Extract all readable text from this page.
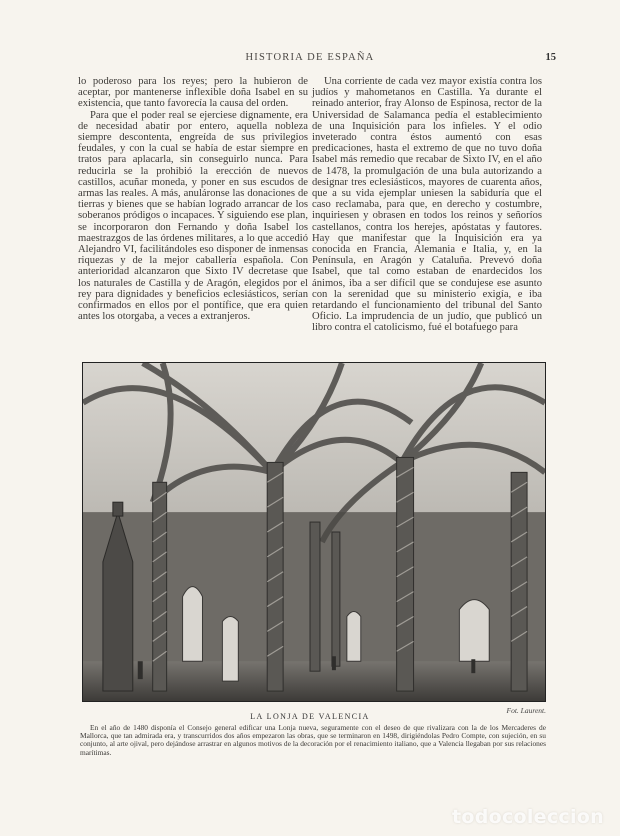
HISTORIA DE ESPAÑA	15

lo poderoso para los reyes; pero la hubieron de aceptar, por mantenerse inflexible doña Isabel en su existencia, que tanto favorecía la causa del orden.

Para que el poder real se ejerciese dignamente, era de necesidad abatir por entero, aquella nobleza siempre descontenta, engreída de sus privilegios feudales, y con la cual se había de estar siempre en tratos para aplacarla, sin conseguirlo nunca. Para reducirla se la prohibió la erección de nuevos castillos, acuñar moneda, y poner en sus escudos de armas las reales. A más, anuláronse las donaciones de tierras y bienes que se habían logrado arrancar de los soberanos pródigos o incapaces. Y siguiendo ese plan, se incorporaron don Fernando y doña Isabel los maestrazgos de las órdenes militares, a lo que accedió Alejandro VI, facilitándoles eso disponer de inmensas riquezas y de la mejor caballería española. Con anterioridad alcanzaron que Sixto IV decretase que los naturales de Castilla y de Aragón, elegidos por el rey para dignidades y beneficios eclesiásticos, serían confirmados en ellos por el pontífice, que era quien antes los otorgaba, a veces a extranjeros.

Una corriente de cada vez mayor existía contra los judíos y mahometanos en Castilla. Ya durante el reinado anterior, fray Alonso de Espinosa, rector de la Universidad de Salamanca pedía el establecimiento de una Inquisición para los infieles. Y el odio inveterado contra éstos aumentó con esas predicaciones, hasta el extremo de que no tuvo doña Isabel más remedio que recabar de Sixto IV, en el año de 1478, la promulgación de una bula autorizando a designar tres eclesiásticos, mayores de cuarenta años, que a su vida ejemplar uniesen la sabiduría que el caso reclamaba, para que, en derecho y costumbre, inquiriesen y obrasen en todos los reinos y señoríos castellanos, contra los herejes, apóstatas y fautores. Hay que manifestar que la Inquisición era ya conocida en Francia, Alemania e Italia, y, en la Península, en Aragón y Cataluña. Prevevó doña Isabel, que tal como estaban de enardecidos los ánimos, iba a ser difícil que se condujese ese asunto con la serenidad que su ministerio exigía, e iba retardando el funcionamiento del tribunal del Santo Oficio. La imprudencia de un judío, que publicó un libro contra el catolicismo, fué el botafuego para

Fot. Laurent.
LA LONJA DE VALENCIA
En el año de 1480 disponía el Consejo general edificar una Lonja nueva, seguramente con el deseo de que rivalizara con la de los Mercaderes de Mallorca, que tan admirada era, y transcurridos dos años empezaron las obras, que se terminaron en 1498, dirigiéndolas Pedro Compte, con sujeción, en su conjunto, al arte ojival, pero dejándose arrastrar en algunos motivos de la decoración por el renacimiento italiano, que a Valencia llegaban por sus relaciones marítimas.
todocoleccion
